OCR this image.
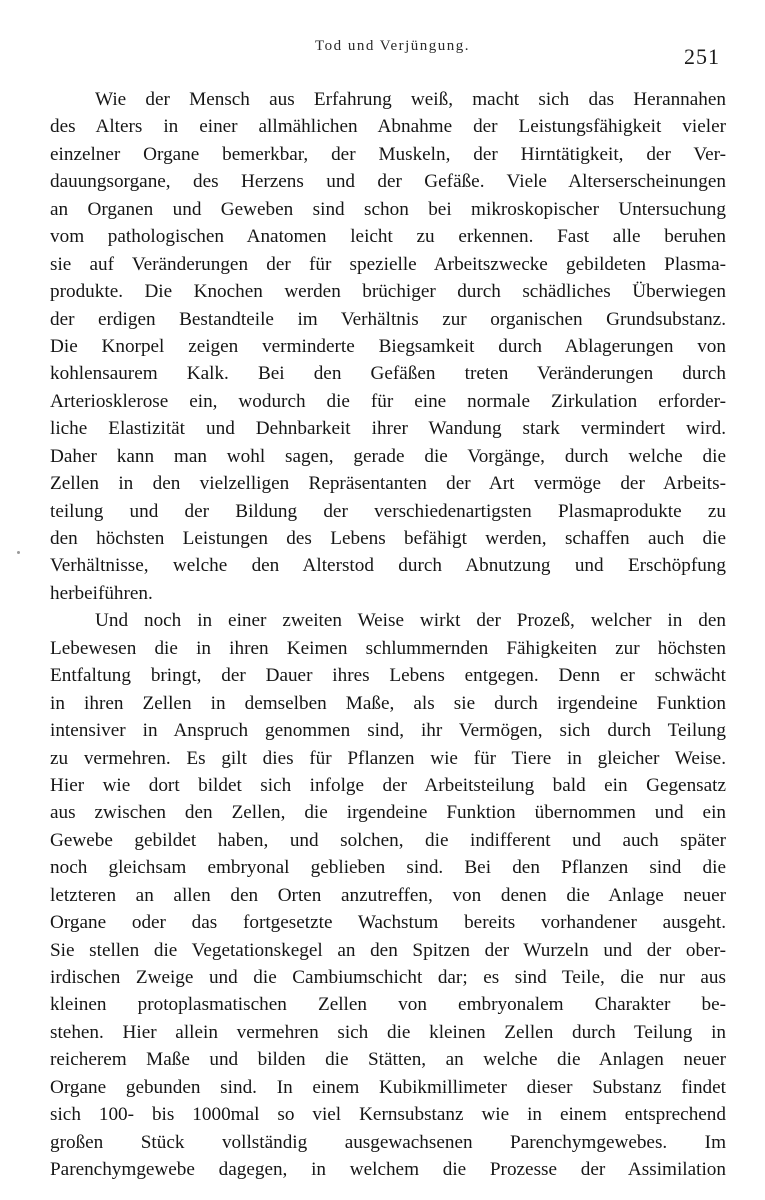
Tod und Verjüngung.	251
Wie der Mensch aus Erfahrung weiß, macht sich das Herannahen
des Alters in einer allmählichen Abnahme der Leistungsfähigkeit vieler
einzelner Organe bemerkbar, der Muskeln, der Hirntätigkeit, der Ver-
dauungsorgane, des Herzens und der Gefäße. Viele Alterserscheinungen
an Organen und Geweben sind schon bei mikroskopischer Untersuchung
vom pathologischen Anatomen leicht zu erkennen. Fast alle beruhen
sie auf Veränderungen der für spezielle Arbeitszwecke gebildeten Plasma-
produkte. Die Knochen werden brüchiger durch schädliches Überwiegen
der erdigen Bestandteile im Verhältnis zur organischen Grundsubstanz.
Die Knorpel zeigen verminderte Biegsamkeit durch Ablagerungen von
kohlensaurem Kalk. Bei den Gefäßen treten Veränderungen durch
Arteriosklerose ein, wodurch die für eine normale Zirkulation erforder-
liche Elastizität und Dehnbarkeit ihrer Wandung stark vermindert wird.
Daher kann man wohl sagen, gerade die Vorgänge, durch welche die
Zellen in den vielzelligen Repräsentanten der Art vermöge der Arbeits-
teilung und der Bildung der verschiedenartigsten Plasmaprodukte zu
den höchsten Leistungen des Lebens befähigt werden, schaffen auch die
Verhältnisse, welche den Alterstod durch Abnutzung und Erschöpfung
herbeiführen.
Und noch in einer zweiten Weise wirkt der Prozeß, welcher in den
Lebewesen die in ihren Keimen schlummernden Fähigkeiten zur höchsten
Entfaltung bringt, der Dauer ihres Lebens entgegen. Denn er schwächt
in ihren Zellen in demselben Maße, als sie durch irgendeine Funktion
intensiver in Anspruch genommen sind, ihr Vermögen, sich durch Teilung
zu vermehren. Es gilt dies für Pflanzen wie für Tiere in gleicher Weise.
Hier wie dort bildet sich infolge der Arbeitsteilung bald ein Gegensatz
aus zwischen den Zellen, die irgendeine Funktion übernommen und ein
Gewebe gebildet haben, und solchen, die indifferent und auch später
noch gleichsam embryonal geblieben sind. Bei den Pflanzen sind die
letzteren an allen den Orten anzutreffen, von denen die Anlage neuer
Organe oder das fortgesetzte Wachstum bereits vorhandener ausgeht.
Sie stellen die Vegetationskegel an den Spitzen der Wurzeln und der ober-
irdischen Zweige und die Cambiumschicht dar; es sind Teile, die nur aus
kleinen protoplasmatischen Zellen von embryonalem Charakter be-
stehen. Hier allein vermehren sich die kleinen Zellen durch Teilung in
reicherem Maße und bilden die Stätten, an welche die Anlagen neuer
Organe gebunden sind. In einem Kubikmillimeter dieser Substanz findet
sich 100- bis 1000mal so viel Kernsubstanz wie in einem entsprechend
großen Stück vollständig ausgewachsenen Parenchymgewebes. Im
Parenchymgewebe dagegen, in welchem die Prozesse der Assimilation
